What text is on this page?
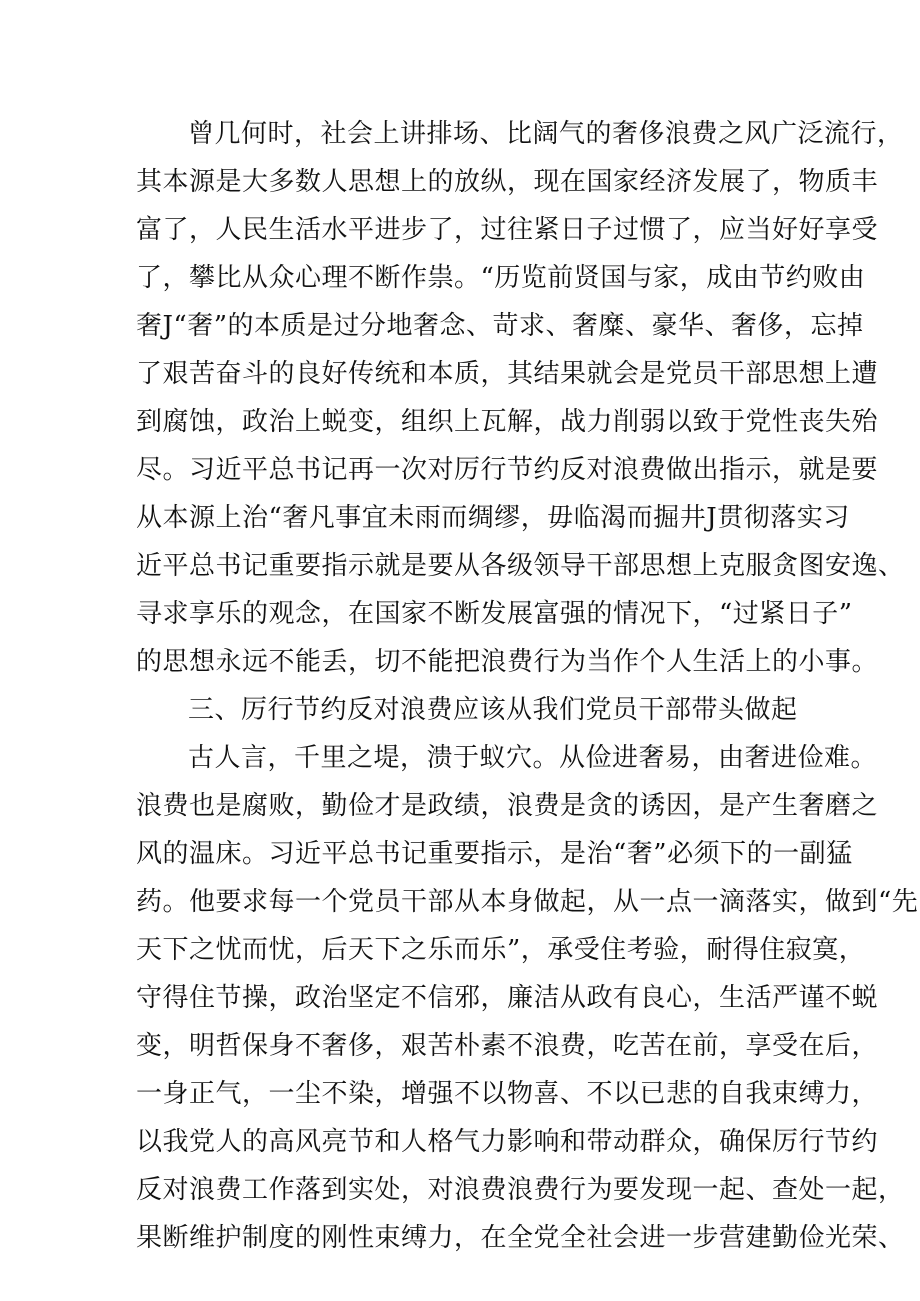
曾几何时，社会上讲排场、比阔气的奢侈浪费之风广泛流行，
其本源是大多数人思想上的放纵，现在国家经济发展了，物质丰
富了，人民生活水平进步了，过往紧日子过惯了，应当好好享受
了，攀比从众心理不断作祟。“历览前贤国与家，成由节约败由
奢J“奢”的本质是过分地奢念、苛求、奢糜、豪华、奢侈，忘掉
了艰苦奋斗的良好传统和本质，其结果就会是党员干部思想上遭
到腐蚀，政治上蜕变，组织上瓦解，战力削弱以致于党性丧失殆
尽。习近平总书记再一次对厉行节约反对浪费做出指示，就是要
从本源上治“奢凡事宜未雨而绸缪，毋临渴而掘井J贯彻落实习
近平总书记重要指示就是要从各级领导干部思想上克服贪图安逸、
寻求享乐的观念，在国家不断发展富强的情况下，“过紧日子”
的思想永远不能丢，切不能把浪费行为当作个人生活上的小事。
三、厉行节约反对浪费应该从我们党员干部带头做起
古人言，千里之堤，溃于蚁穴。从俭进奢易，由奢进俭难。
浪费也是腐败，勤俭才是政绩，浪费是贪的诱因，是产生奢磨之
风的温床。习近平总书记重要指示，是治“奢”必须下的一副猛
药。他要求每一个党员干部从本身做起，从一点一滴落实，做到“先
天下之忧而忧，后天下之乐而乐”，承受住考验，耐得住寂寞，
守得住节操，政治坚定不信邪，廉洁从政有良心，生活严谨不蜕
变，明哲保身不奢侈，艰苦朴素不浪费，吃苦在前，享受在后，
一身正气，一尘不染，增强不以物喜、不以已悲的自我束缚力，
以我党人的高风亮节和人格气力影响和带动群众，确保厉行节约
反对浪费工作落到实处，对浪费浪费行为要发现一起、查处一起，
果断维护制度的刚性束缚力，在全党全社会进一步营建勤俭光荣、
